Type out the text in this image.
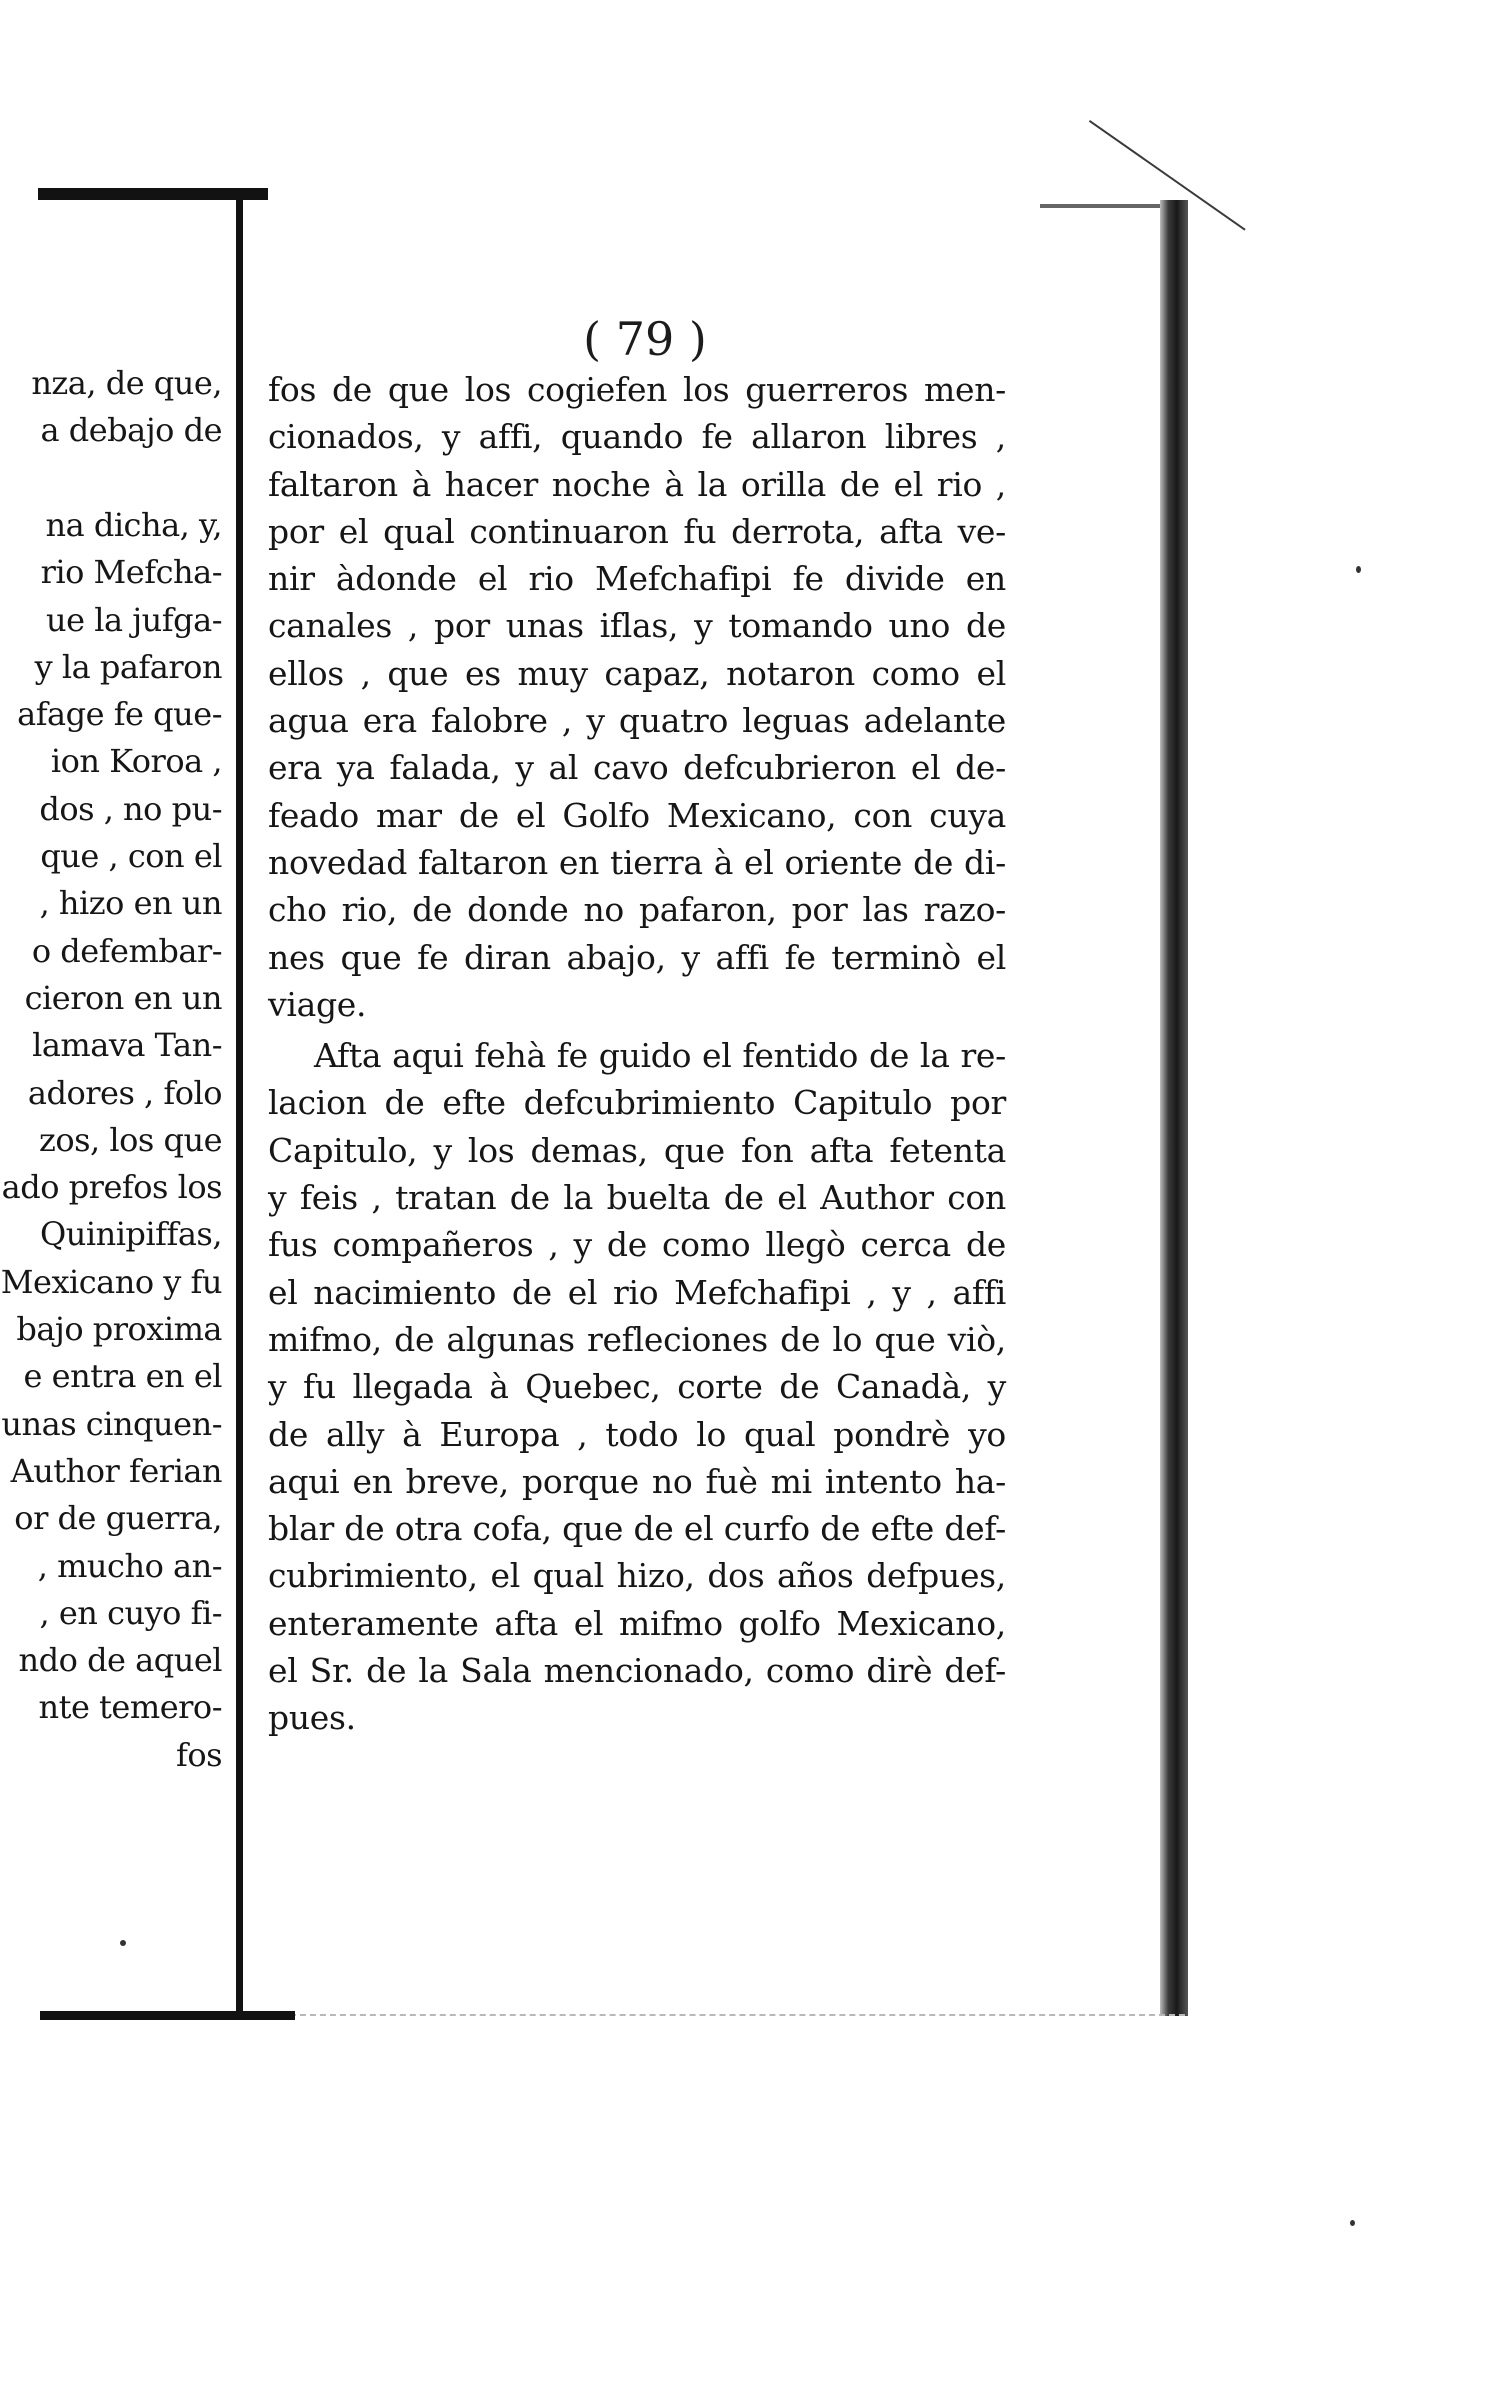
nza, de que,
a debajo de
na dicha, y,
rio Mefcha-
ue la jufga-
y la pafaron
afage fe que-
ion Koroa ,
dos , no pu-
que , con el
, hizo en un
o defembar-
cieron en un
lamava Tan-
adores , folo
zos, los que
ado prefos los
Quinipiffas,
Mexicano y fu
bajo proxima
e entra en el
unas cinquen-
Author ferian
or de guerra,
, mucho an-
, en cuyo fi-
ndo de aquel
nte temero-
fos
( 79 )
fos de que los cogiefen los guerreros men-
cionados, y affi, quando fe allaron libres ,
faltaron à hacer noche à la orilla de el rio ,
por el qual continuaron fu derrota, afta ve-
nir àdonde el rio Mefchafipi fe divide en
canales , por unas iflas, y tomando uno de
ellos , que es muy capaz, notaron como el
agua era falobre , y quatro leguas adelante
era ya falada, y al cavo defcubrieron el de-
feado mar de el Golfo Mexicano, con cuya
novedad faltaron en tierra à el oriente de di-
cho rio, de donde no pafaron, por las razo-
nes que fe diran abajo, y affi fe terminò el
viage.
Afta aqui fehà fe guido el fentido de la re-
lacion de efte defcubrimiento Capitulo por
Capitulo, y los demas, que fon afta fetenta
y feis , tratan de la buelta de el Author con
fus compañeros , y de como llegò cerca de
el nacimiento de el rio Mefchafipi , y , affi
mifmo, de algunas refleciones de lo que viò,
y fu llegada à Quebec, corte de Canadà, y
de ally à Europa , todo lo qual pondrè yo
aqui en breve, porque no fuè mi intento ha-
blar de otra cofa, que de el curfo de efte def-
cubrimiento, el qual hizo, dos años defpues,
enteramente afta el mifmo golfo Mexicano,
el Sr. de la Sala mencionado, como dirè def-
pues.
